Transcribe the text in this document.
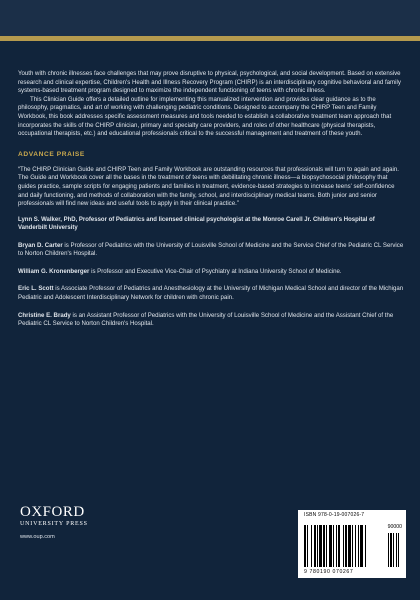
Youth with chronic illnesses face challenges that may prove disruptive to physical, psychological, and social development. Based on extensive research and clinical expertise, Children's Health and Illness Recovery Program (CHIRP) is an interdisciplinary cognitive behavioral and family systems-based treatment program designed to maximize the independent functioning of teens with chronic illness.

This Clinician Guide offers a detailed outline for implementing this manualized intervention and provides clear guidance as to the philosophy, pragmatics, and art of working with challenging pediatric conditions. Designed to accompany the CHIRP Teen and Family Workbook, this book addresses specific assessment measures and tools needed to establish a collaborative treatment team approach that incorporates the skills of the CHIRP clinician, primary and specialty care providers, and roles of other healthcare (physical therapists, occupational therapists, etc.) and educational professionals critical to the successful management and treatment of these youth.

ADVANCE PRAISE

“The CHIRP Clinician Guide and CHIRP Teen and Family Workbook are outstanding resources that professionals will turn to again and again. The Guide and Workbook cover all the bases in the treatment of teens with debilitating chronic illness—a biopsychosocial philosophy that guides practice, sample scripts for engaging patients and families in treatment, evidence-based strategies to increase teens' self-confidence and daily functioning, and methods of collaboration with the family, school, and interdisciplinary medical teams. Both junior and senior professionals will find new ideas and useful tools to apply in their clinical practice.”

Lynn S. Walker, PhD, Professor of Pediatrics and licensed clinical psychologist at the Monroe Carell Jr. Children's Hospital of Vanderbilt University

Bryan D. Carter is Professor of Pediatrics with the University of Louisville School of Medicine and the Service Chief of the Pediatric CL Service to Norton Children's Hospital.

William G. Kronenberger is Professor and Executive Vice-Chair of Psychiatry at Indiana University School of Medicine.

Eric L. Scott is Associate Professor of Pediatrics and Anesthesiology at the University of Michigan Medical School and director of the Michigan Pediatric and Adolescent Interdisciplinary Network for children with chronic pain.

Christine E. Brady is an Assistant Professor of Pediatrics with the University of Louisville School of Medicine and the Assistant Chief of the Pediatric CL Service to Norton Children's Hospital.

OXFORD
UNIVERSITY PRESS
www.oup.com
ISBN 978-0-19-007026-7
90000
9 780190 070267
